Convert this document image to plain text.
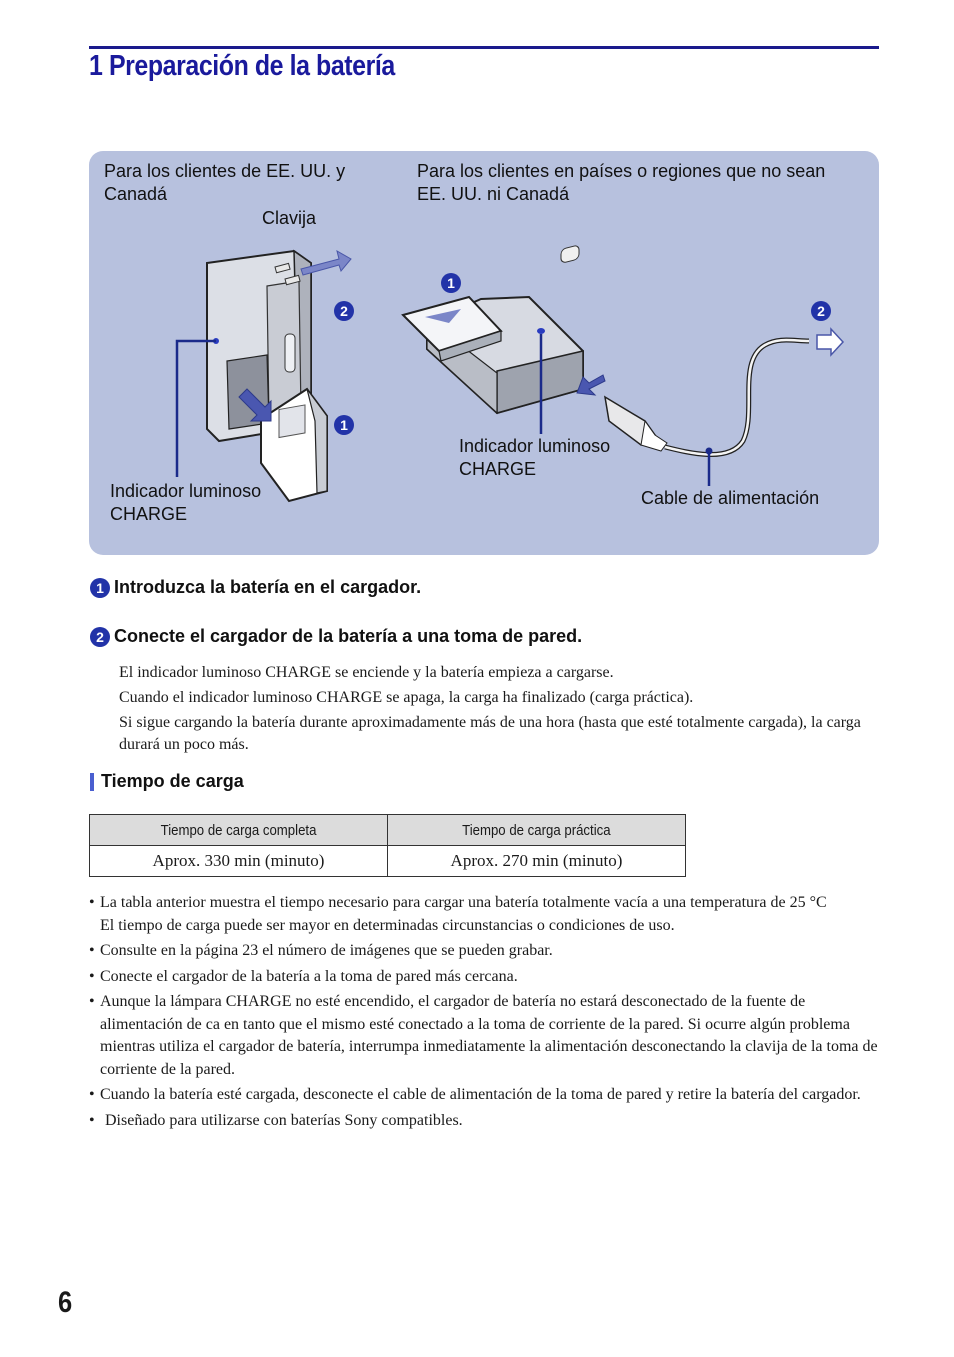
1 Preparación de la batería
Para los clientes de EE. UU. y Canadá
Para los clientes en países o regiones que no sean EE. UU. ni Canadá
Clavija
2
1
1
2
Indicador luminoso
CHARGE
Indicador luminoso
CHARGE
Cable de alimentación
1 Introduzca la batería en el cargador.
2 Conecte el cargador de la batería a una toma de pared.
El indicador luminoso CHARGE se enciende y la batería empieza a cargarse.
Cuando el indicador luminoso CHARGE se apaga, la carga ha finalizado (carga práctica).
Si sigue cargando la batería durante aproximadamente más de una hora (hasta que esté totalmente cargada), la carga durará un poco más.
Tiempo de carga
Tiempo de carga completa	Tiempo de carga práctica
Aprox. 330 min (minuto)	Aprox. 270 min (minuto)
• La tabla anterior muestra el tiempo necesario para cargar una batería totalmente vacía a una temperatura de 25 °C
El tiempo de carga puede ser mayor en determinadas circunstancias o condiciones de uso.
• Consulte en la página 23 el número de imágenes que se pueden grabar.
• Conecte el cargador de la batería a la toma de pared más cercana.
• Aunque la lámpara CHARGE no esté encendido, el cargador de batería no estará desconectado de la fuente de alimentación de ca en tanto que el mismo esté conectado a la toma de corriente de la pared. Si ocurre algún problema mientras utiliza el cargador de batería, interrumpa inmediatamente la alimentación desconectando la clavija de la toma de corriente de la pared.
• Cuando la batería esté cargada, desconecte el cable de alimentación de la toma de pared y retire la batería del cargador.
• Diseñado para utilizarse con baterías Sony compatibles.
6
